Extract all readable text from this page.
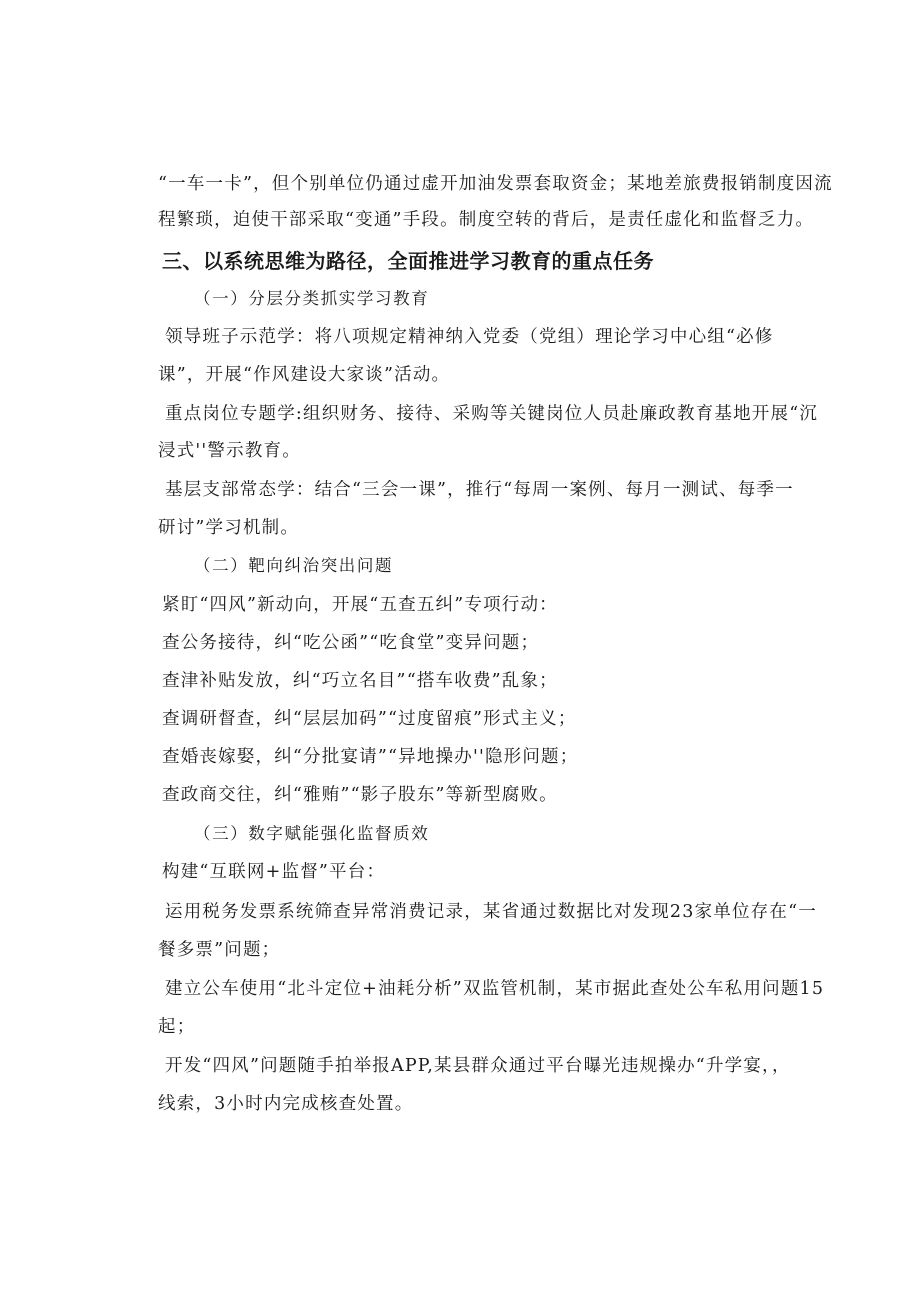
“一车一卡”，但个别单位仍通过虚开加油发票套取资金；某地差旅费报销制度因流
程繁琐，迫使干部采取“变通”手段。制度空转的背后，是责任虚化和监督乏力。
三、以系统思维为路径，全面推进学习教育的重点任务
（一）分层分类抓实学习教育
领导班子示范学：将八项规定精神纳入党委（党组）理论学习中心组“必修
课”，开展“作风建设大家谈”活动。
重点岗位专题学:组织财务、接待、采购等关键岗位人员赴廉政教育基地开展“沉
浸式''警示教育。
基层支部常态学：结合“三会一课”，推行“每周一案例、每月一测试、每季一
研讨”学习机制。
（二）靶向纠治突出问题
紧盯“四风”新动向，开展“五查五纠”专项行动：
查公务接待，纠“吃公函”“吃食堂”变异问题；
查津补贴发放，纠“巧立名目”“搭车收费”乱象；
查调研督查，纠“层层加码”“过度留痕”形式主义；
查婚丧嫁娶，纠“分批宴请”“异地操办''隐形问题；
查政商交往，纠“雅贿”“影子股东”等新型腐败。
（三）数字赋能强化监督质效
构建“互联网+监督”平台：
运用税务发票系统筛查异常消费记录，某省通过数据比对发现23家单位存在“一
餐多票”问题；
建立公车使用“北斗定位+油耗分析”双监管机制，某市据此查处公车私用问题15
起；
开发“四风”问题随手拍举报APP,某县群众通过平台曝光违规操办“升学宴，，
线索，3小时内完成核查处置。
